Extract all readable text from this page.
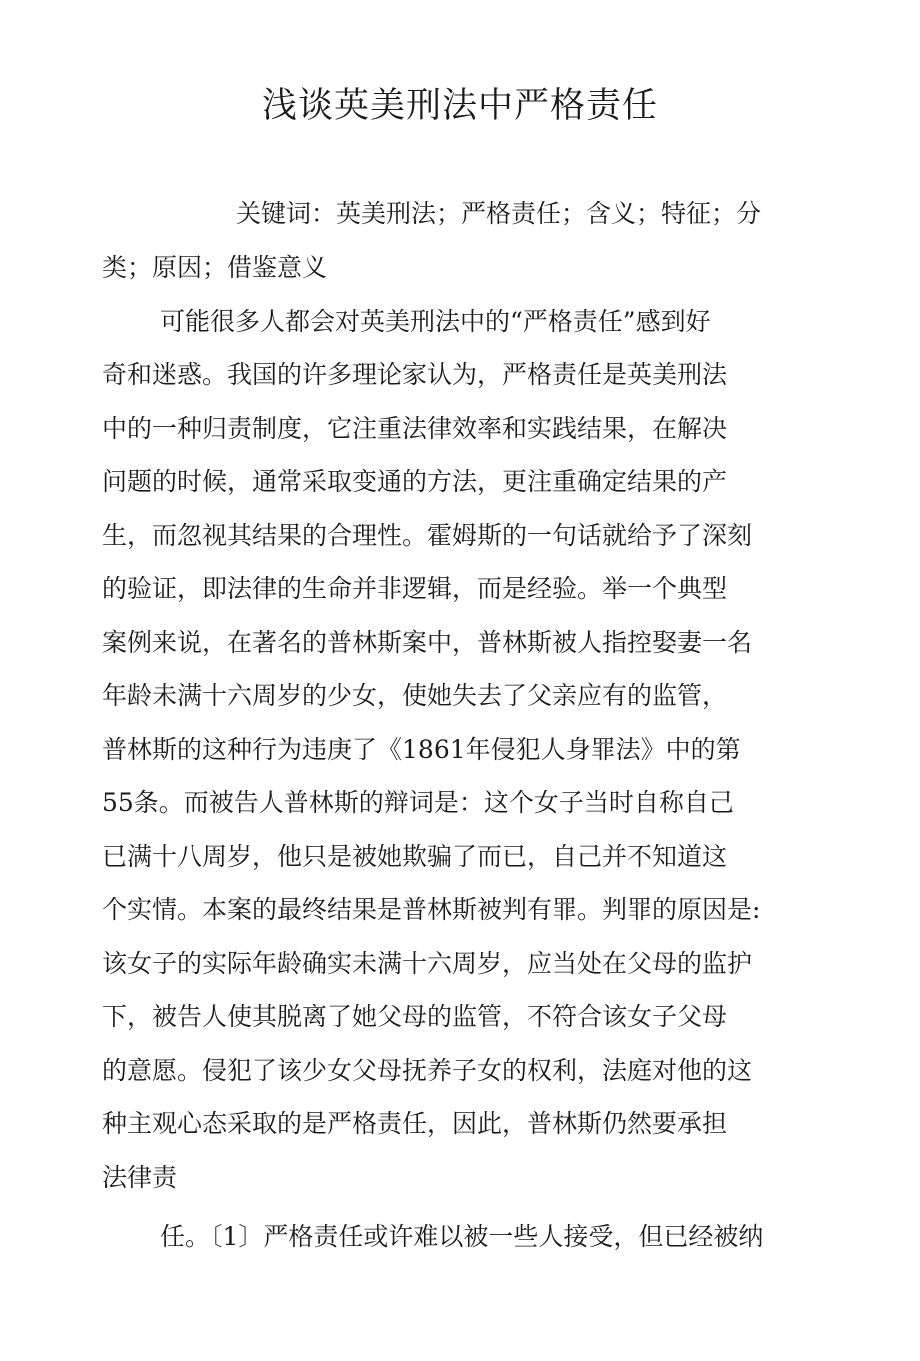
浅谈英美刑法中严格责任

关键词：英美刑法；严格责任；含义；特征；分

类；原因；借鉴意义

可能很多人都会对英美刑法中的“严格责任”感到好

奇和迷惑。我国的许多理论家认为，严格责任是英美刑法

中的一种归责制度，它注重法律效率和实践结果，在解决

问题的时候，通常采取变通的方法，更注重确定结果的产

生，而忽视其结果的合理性。霍姆斯的一句话就给予了深刻

的验证，即法律的生命并非逻辑，而是经验。举一个典型

案例来说，在著名的普林斯案中，普林斯被人指控娶妻一名

年龄未满十六周岁的少女，使她失去了父亲应有的监管，

普林斯的这种行为违庚了《1861年侵犯人身罪法》中的第

55条。而被告人普林斯的辩词是：这个女子当时自称自己

已满十八周岁，他只是被她欺骗了而已，自己并不知道这

个实情。本案的最终结果是普林斯被判有罪。判罪的原因是:

该女子的实际年龄确实未满十六周岁，应当处在父母的监护

下，被告人使其脱离了她父母的监管，不符合该女子父母

的意愿。侵犯了该少女父母抚养子女的权利，法庭对他的这

种主观心态采取的是严格责任，因此，普林斯仍然要承担

法律责

任。〔1〕严格责任或许难以被一些人接受，但已经被纳
